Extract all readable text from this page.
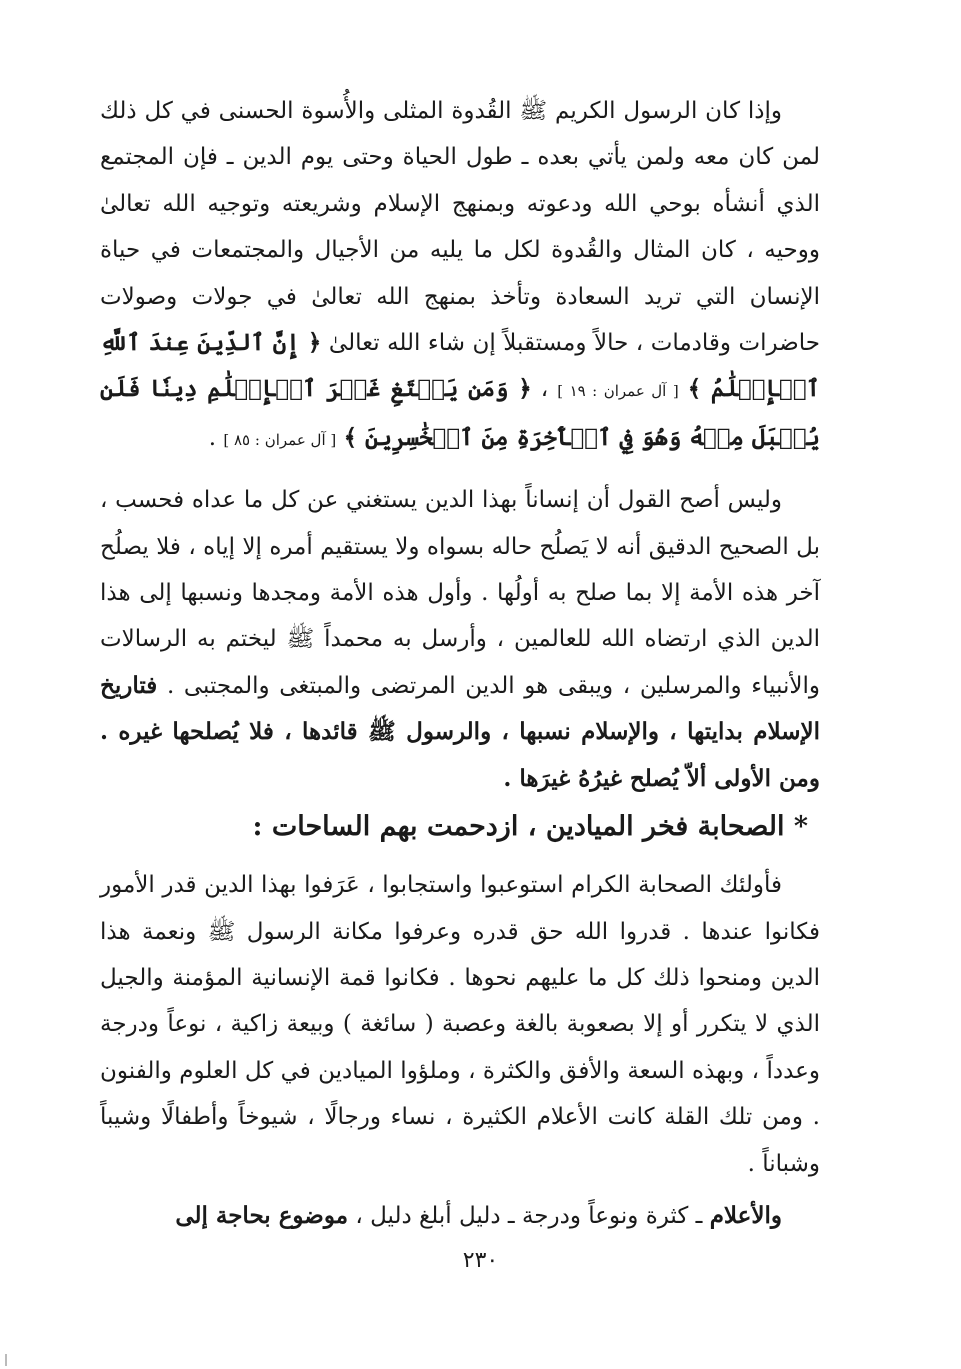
وإذا كان الرسول الكريم ﷺ القُدوة المثلى والأُسوة الحسنى في كل ذلك لمن كان معه ولمن يأتي بعده ـ طول الحياة وحتى يوم الدين ـ فإن المجتمع الذي أنشأه بوحي الله ودعوته وبمنهج الإسلام وشريعته وتوجيه الله تعالىٰ ووحيه ، كان المثال والقُدوة لكل ما يليه من الأجيال والمجتمعات في حياة الإنسان التي تريد السعادة وتأخذ بمنهج الله تعالىٰ في جولات وصولات حاضرات وقادمات ، حالاً ومستقبلاً إن شاء الله تعالىٰ ﴿ إِنَّ ٱلدِّينَ عِندَ ٱللَّهِ ٱلۡإِسۡلَٰمُ ﴾ [ آل عمران : ١٩ ] ، ﴿ وَمَن يَبۡتَغِ غَيۡرَ ٱلۡإِسۡلَٰمِ دِينٗا فَلَن يُقۡبَلَ مِنۡهُ وَهُوَ فِي ٱلۡأٓخِرَةِ مِنَ ٱلۡخَٰسِرِينَ ﴾ [ آل عمران : ٨٥ ] .

وليس أصح القول أن إنساناً بهذا الدين يستغني عن كل ما عداه فحسب ، بل الصحيح الدقيق أنه لا يَصلُح حاله بسواه ولا يستقيم أمره إلا إياه ، فلا يصلُح آخر هذه الأمة إلا بما صلح به أولُها . وأول هذه الأمة ومجدها ونسبها إلى هذا الدين الذي ارتضاه الله للعالمين ، وأرسل به محمداً ﷺ ليختم به الرسالات والأنبياء والمرسلين ، ويبقى هو الدين المرتضى والمبتغى والمجتبى . فتاريخ الإسلام بدايتها ، والإسلام نسبها ، والرسول ﷺ قائدها ، فلا يُصلحها غيره . ومن الأولى ألاّ يُصلح غيرُهُ غيرَها .

* الصحابة فخر الميادين ، ازدحمت بهم الساحات :

فأولئك الصحابة الكرام استوعبوا واستجابوا ، عَرَفوا بهذا الدين قدر الأمور فكانوا عندها . قدروا الله حق قدره وعرفوا مكانة الرسول ﷺ ونعمة هذا الدين ومنحوا ذلك كل ما عليهم نحوها . فكانوا قمة الإنسانية المؤمنة والجيل الذي لا يتكرر أو إلا بصعوبة بالغة وعصبة ( سائغة ) وبيعة زاكية ، نوعاً ودرجة وعدداً ، وبهذه السعة والأفق والكثرة ، وملؤوا الميادين في كل العلوم والفنون . ومن تلك القلة كانت الأعلام الكثيرة ، نساء ورجالًا ، شيوخاً وأطفالًا وشيباً وشباناً .

والأعلام ـ كثرة ونوعاً ودرجة ـ دليل أبلغ دليل ، موضوع بحاجة إلى

٢٣٠
